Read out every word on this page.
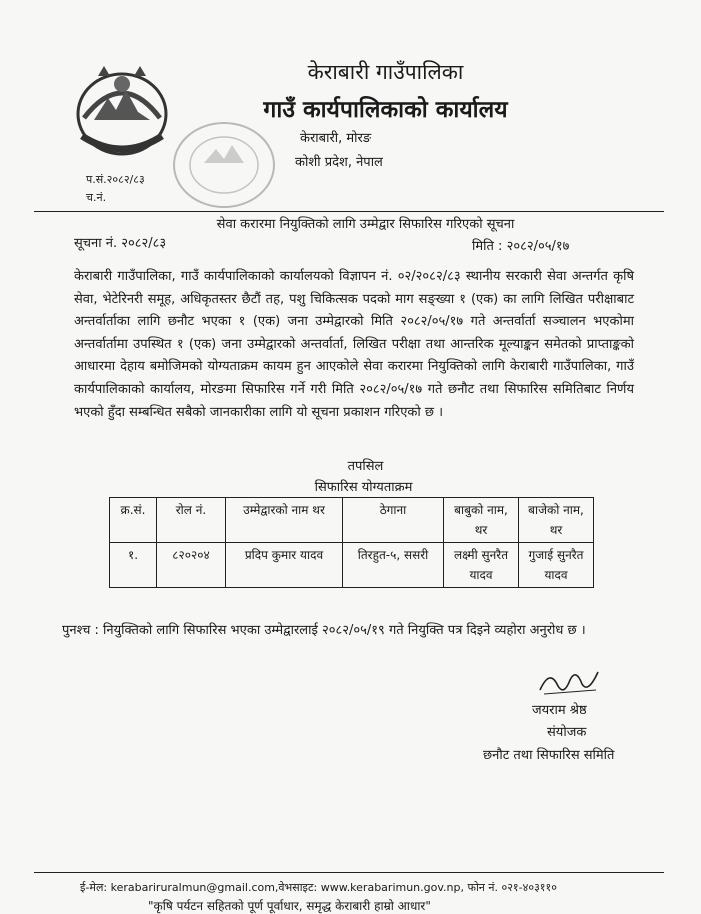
केराबारी गाउँपालिका
गाउँ कार्यपालिकाको कार्यालय
केराबारी, मोरङ
कोशी प्रदेश, नेपाल
प.सं.२०८२/८३
च.नं.
सेवा करारमा नियुक्तिको लागि उम्मेद्वार सिफारिस गरिएको सूचना
सूचना नं. २०८२/८३	मिति : २०८२/०५/१७
केराबारी गाउँपालिका, गाउँ कार्यपालिकाको कार्यालयको विज्ञापन नं. ०२/२०८२/८३ स्थानीय सरकारी सेवा अन्तर्गत कृषि सेवा, भेटेरिनरी समूह, अधिकृतस्तर छैटौं तह, पशु चिकित्सक पदको माग सङ्ख्या १ (एक) का लागि लिखित परीक्षाबाट अन्तर्वार्ताका लागि छनौट भएका १ (एक) जना उम्मेद्वारको मिति २०८२/०५/१७ गते अन्तर्वार्ता सञ्चालन भएकोमा अन्तर्वार्तामा उपस्थित १ (एक) जना उम्मेद्वारको अन्तर्वार्ता, लिखित परीक्षा तथा आन्तरिक मूल्याङ्कन समेतको प्राप्ताङ्कको आधारमा देहाय बमोजिमको योग्यताक्रम कायम हुन आएकोले सेवा करारमा नियुक्तिको लागि केराबारी गाउँपालिका, गाउँ कार्यपालिकाको कार्यालय, मोरङमा सिफारिस गर्ने गरी मिति २०८२/०५/१७ गते छनौट तथा सिफारिस समितिबाट निर्णय भएको हुँदा सम्बन्धित सबैको जानकारीका लागि यो सूचना प्रकाशन गरिएको छ ।
तपसिल
सिफारिस योग्यताक्रम
क्र.सं.	रोल नं.	उम्मेद्वारको नाम थर	ठेगाना	बाबुको नाम, थर	बाजेको नाम, थर
१.	८२०२०४	प्रदिप कुमार यादव	तिरहुत-५, ससरी	लक्ष्मी सुनरैत यादव	गुजाई सुनरैत यादव
पुनश्च : नियुक्तिको लागि सिफारिस भएका उम्मेद्वारलाई २०८२/०५/१९ गते नियुक्ति पत्र दिइने व्यहोरा अनुरोध छ ।
जयराम श्रेष्ठ
संयोजक
छनौट तथा सिफारिस समिति
ई-मेल: kerabariruralmun@gmail.com,वेभसाइट: www.kerabarimun.gov.np, फोन नं. ०२१-४०३११०
"कृषि पर्यटन सहितको पूर्ण पूर्वाधार, समृद्ध केराबारी हाम्रो आधार"
